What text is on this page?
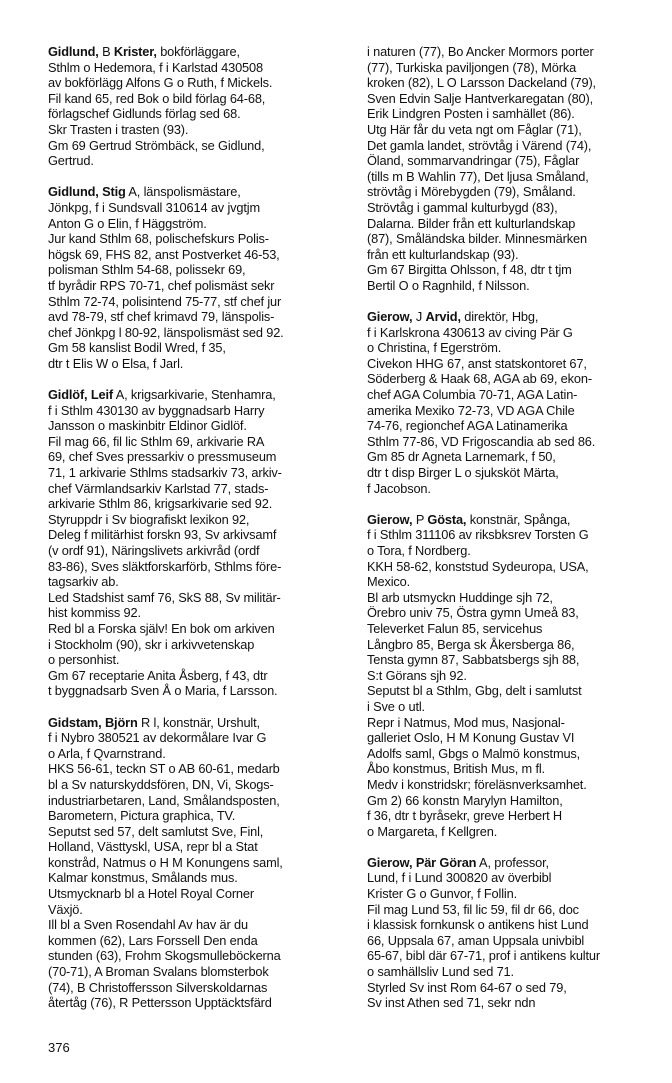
Gidlund, B Krister, bokförläggare,
Sthlm o Hedemora, f i Karlstad 430508
av bokförlägg Alfons G o Ruth, f Mickels.
Fil kand 65, red Bok o bild förlag 64-68,
förlagschef Gidlunds förlag sed 68.
Skr Trasten i trasten (93).
Gm 69 Gertrud Strömbäck, se Gidlund,
Gertrud.
Gidlund, Stig A, länspolismästare,
Jönkpg, f i Sundsvall 310614 av jvgtjm
Anton G o Elin, f Häggström.
Jur kand Sthlm 68, polischefskurs Polis-
högsk 69, FHS 82, anst Postverket 46-53,
polisman Sthlm 54-68, polissekr 69,
tf byrådir RPS 70-71, chef polismäst sekr
Sthlm 72-74, polisintend 75-77, stf chef jur
avd 78-79, stf chef krimavd 79, länspolis-
chef Jönkpg l 80-92, länspolismäst sed 92.
Gm 58 kanslist Bodil Wred, f 35,
dtr t Elis W o Elsa, f Jarl.
Gidlöf, Leif A, krigsarkivarie, Stenhamra,
f i Sthlm 430130 av byggnadsarb Harry
Jansson o maskinbitr Eldinor Gidlöf.
Fil mag 66, fil lic Sthlm 69, arkivarie RA
69, chef Sves pressarkiv o pressmuseum
71, 1 arkivarie Sthlms stadsarkiv 73, arkiv-
chef Värmlandsarkiv Karlstad 77, stads-
arkivarie Sthlm 86, krigsarkivarie sed 92.
Styruppdr i Sv biografiskt lexikon 92,
Deleg f militärhist forskn 93, Sv arkivsamf
(v ordf 91), Näringslivets arkivråd (ordf
83-86), Sves släktforskarförb, Sthlms före-
tagsarkiv ab.
Led Stadshist samf 76, SkS 88, Sv militär-
hist kommiss 92.
Red bl a Forska själv! En bok om arkiven
i Stockholm (90), skr i arkivvetenskap
o personhist.
Gm 67 receptarie Anita Åsberg, f 43, dtr
t byggnadsarb Sven Å o Maria, f Larsson.
Gidstam, Björn R l, konstnär, Urshult,
f i Nybro 380521 av dekormålare Ivar G
o Arla, f Qvarnstrand.
HKS 56-61, teckn ST o AB 60-61, medarb
bl a Sv naturskyddsfören, DN, Vi, Skogs-
industriarbetaren, Land, Smålandsposten,
Barometern, Pictura graphica, TV.
Seputst sed 57, delt samlutst Sve, Finl,
Holland, Västtyskl, USA, repr bl a Stat
konstråd, Natmus o H M Konungens saml,
Kalmar konstmus, Smålands mus.
Utsmycknarb bl a Hotel Royal Corner
Växjö.
Ill bl a Sven Rosendahl Av hav är du
kommen (62), Lars Forssell Den enda
stunden (63), Frohm Skogsmulleböckerna
(70-71), A Broman Svalans blomsterbok
(74), B Christoffersson Silverskoldarnas
återtåg (76), R Pettersson Upptäcktsfärd
i naturen (77), Bo Ancker Mormors porter
(77), Turkiska paviljongen (78), Mörka
kroken (82), L O Larsson Dackeland (79),
Sven Edvin Salje Hantverkaregatan (80),
Erik Lindgren Posten i samhället (86).
Utg Här får du veta ngt om Fåglar (71),
Det gamla landet, strövtåg i Värend (74),
Öland, sommarvandringar (75), Fåglar
(tills m B Wahlin 77), Det ljusa Småland,
strövtåg i Mörebygden (79), Småland.
Strövtåg i gammal kulturbygd (83),
Dalarna. Bilder från ett kulturlandskap
(87), Småländska bilder. Minnesmärken
från ett kulturlandskap (93).
Gm 67 Birgitta Ohlsson, f 48, dtr t tjm
Bertil O o Ragnhild, f Nilsson.
Gierow, J Arvid, direktör, Hbg,
f i Karlskrona 430613 av civing Pär G
o Christina, f Egerström.
Civekon HHG 67, anst statskontoret 67,
Söderberg & Haak 68, AGA ab 69, ekon-
chef AGA Columbia 70-71, AGA Latin-
amerika Mexiko 72-73, VD AGA Chile
74-76, regionchef AGA Latinamerika
Sthlm 77-86, VD Frigoscandia ab sed 86.
Gm 85 dr Agneta Larnemark, f 50,
dtr t disp Birger L o sjuksköt Märta,
f Jacobson.
Gierow, P Gösta, konstnär, Spånga,
f i Sthlm 311106 av riksbksrev Torsten G
o Tora, f Nordberg.
KKH 58-62, konststud Sydeuropa, USA,
Mexico.
Bl arb utsmyckn Huddinge sjh 72,
Örebro univ 75, Östra gymn Umeå 83,
Televerket Falun 85, servicehus
Långbro 85, Berga sk Åkersberga 86,
Tensta gymn 87, Sabbatsbergs sjh 88,
S:t Görans sjh 92.
Seputst bl a Sthlm, Gbg, delt i samlutst
i Sve o utl.
Repr i Natmus, Mod mus, Nasjonal-
galleriet Oslo, H M Konung Gustav VI
Adolfs saml, Gbgs o Malmö konstmus,
Åbo konstmus, British Mus, m fl.
Medv i konstridskr; föreläsnverksamhet.
Gm 2) 66 konstn Marylyn Hamilton,
f 36, dtr t byråsekr, greve Herbert H
o Margareta, f Kellgren.
Gierow, Pär Göran A, professor,
Lund, f i Lund 300820 av överbibl
Krister G o Gunvor, f Follin.
Fil mag Lund 53, fil lic 59, fil dr 66, doc
i klassisk fornkunsk o antikens hist Lund
66, Uppsala 67, aman Uppsala univbibl
65-67, bibl där 67-71, prof i antikens kultur
o samhällsliv Lund sed 71.
Styrled Sv inst Rom 64-67 o sed 79,
Sv inst Athen sed 71, sekr ndn
376
